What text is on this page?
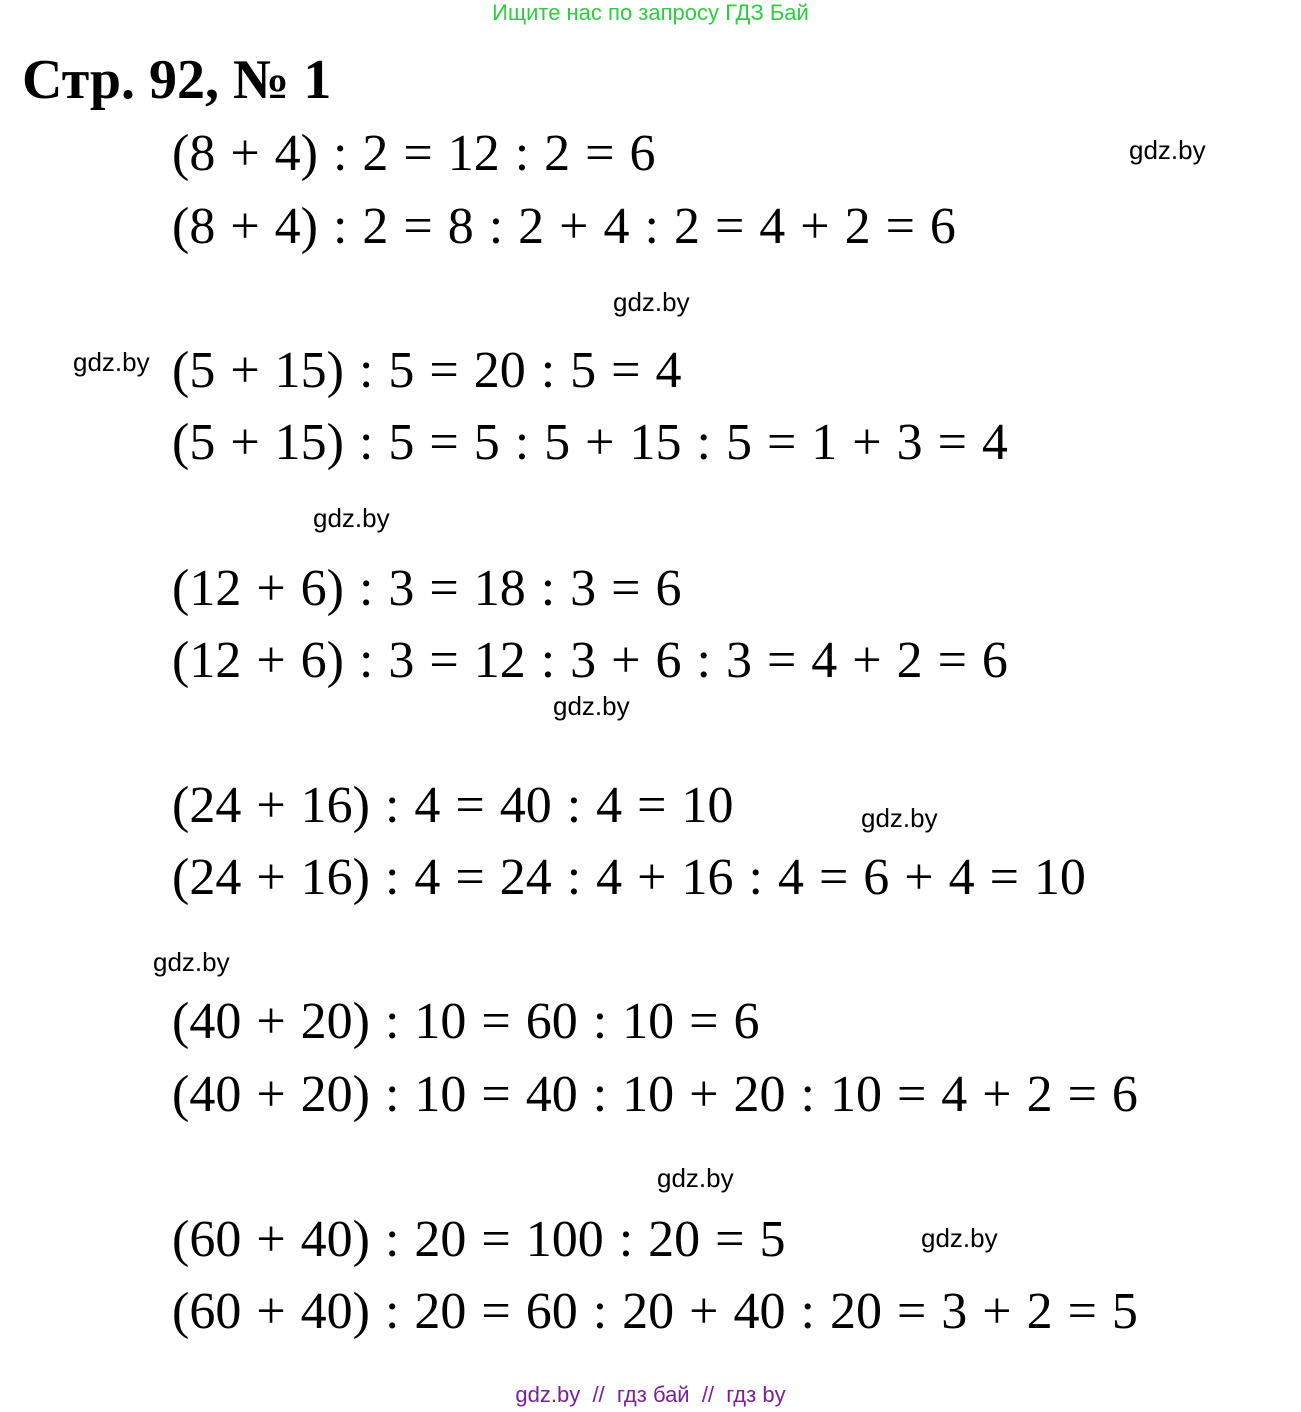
Ищите нас по запросу ГДЗ Бай
Стр. 92, № 1
(8 + 4) : 2 = 12 : 2 = 6
(8 + 4) : 2 = 8 : 2 + 4 : 2 = 4 + 2 = 6
(5 + 15) : 5 = 20 : 5 = 4
(5 + 15) : 5 = 5 : 5 + 15 : 5 = 1 + 3 = 4
(12 + 6) : 3 = 18 : 3 = 6
(12 + 6) : 3 = 12 : 3 + 6 : 3 = 4 + 2 = 6
(24 + 16) : 4 = 40 : 4 = 10
(24 + 16) : 4 = 24 : 4 + 16 : 4 = 6 + 4 = 10
(40 + 20) : 10 = 60 : 10 = 6
(40 + 20) : 10 = 40 : 10 + 20 : 10 = 4 + 2 = 6
(60 + 40) : 20 = 100 : 20 = 5
(60 + 40) : 20 = 60 : 20 + 40 : 20 = 3 + 2 = 5
gdz.by
gdz.by
gdz.by
gdz.by
gdz.by
gdz.by
gdz.by
gdz.by
gdz.by
gdz.by  //  гдз бай  //  гдз by
